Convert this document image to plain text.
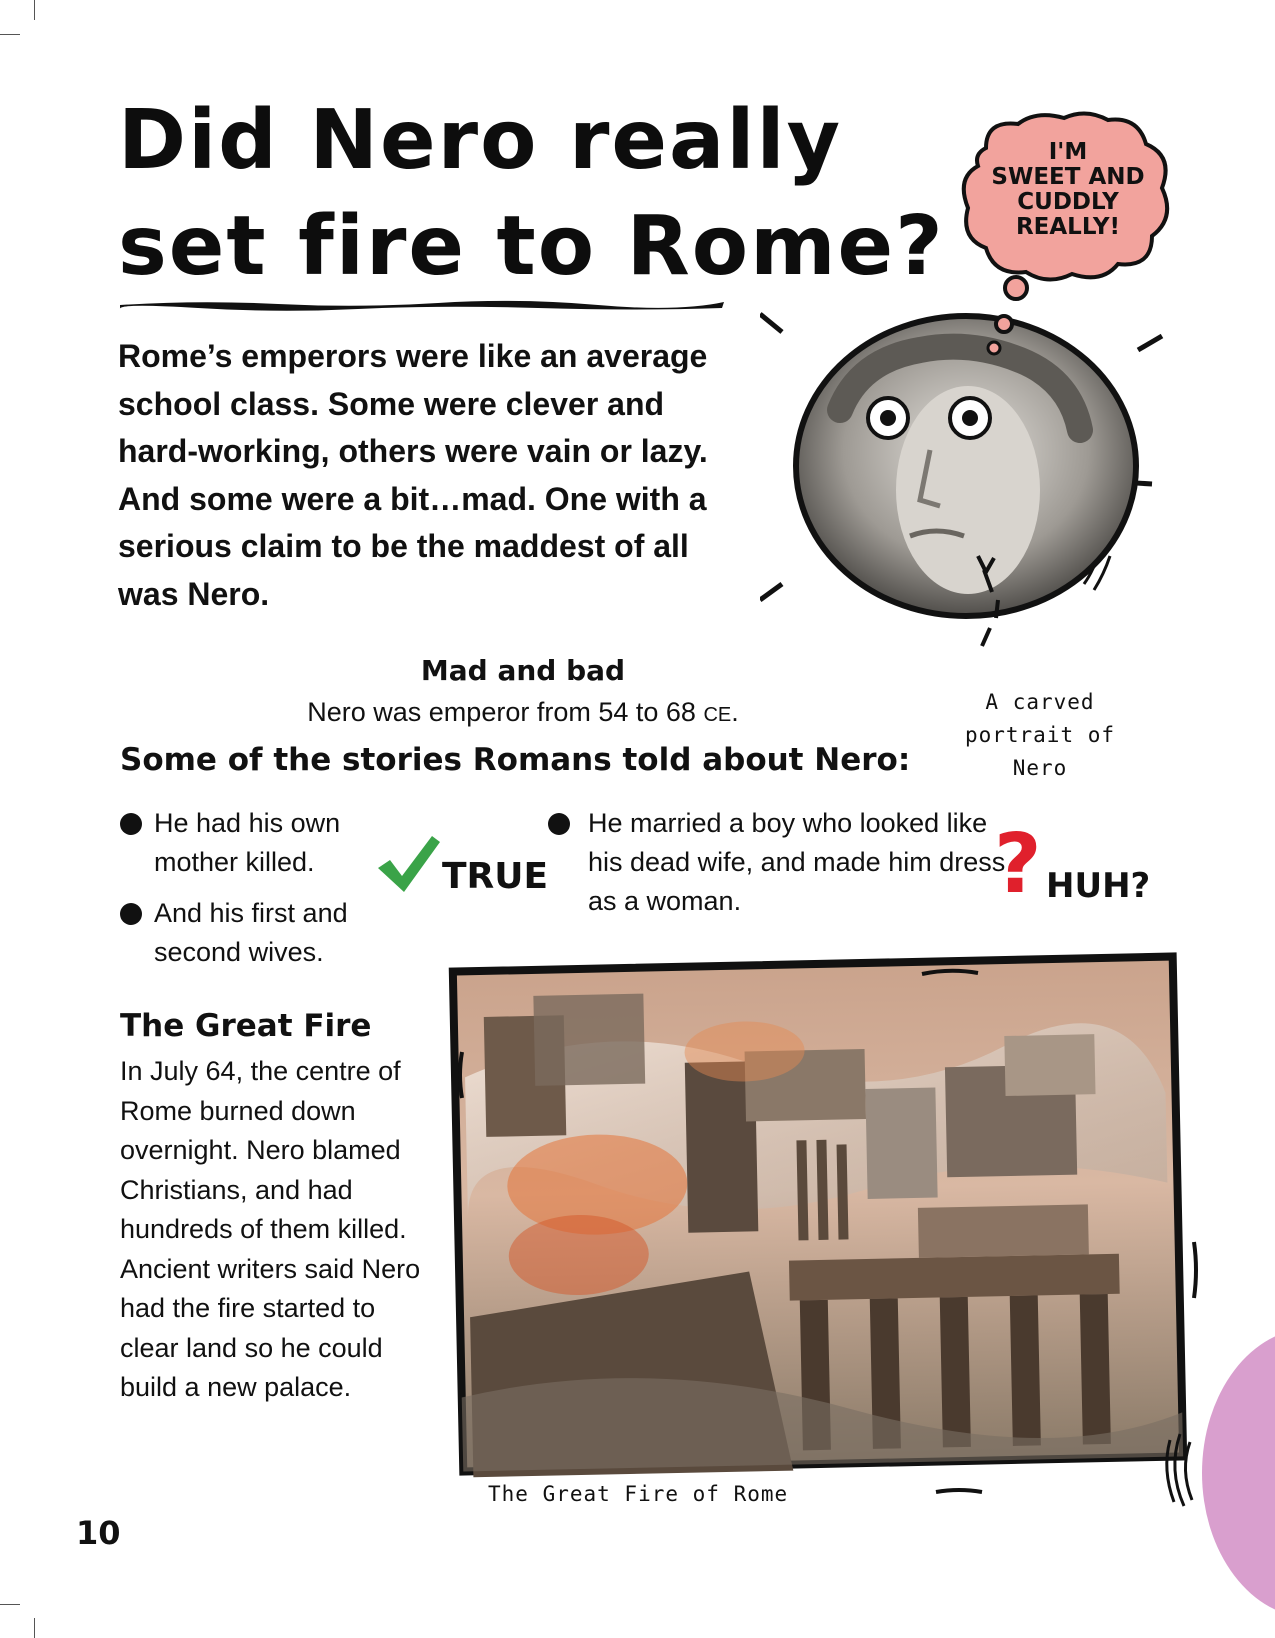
Did Nero really
set fire to Rome?
Rome’s emperors were like an average school class. Some were clever and hard-working, others were vain or lazy. And some were a bit…mad. One with a serious claim to be the maddest of all was Nero.
I'M
SWEET AND
CUDDLY
REALLY!
A carved
portrait of
Nero
Mad and bad
Nero was emperor from 54 to 68 CE.
Some of the stories Romans told about Nero:
He had his own mother killed.
And his first and second wives.
He married a boy who looked like his dead wife, and made him dress as a woman.
TRUE	? HUH?
The Great Fire
In July 64, the centre of Rome burned down overnight. Nero blamed Christians, and had hundreds of them killed. Ancient writers said Nero had the fire started to clear land so he could build a new palace.
The Great Fire of Rome
10
